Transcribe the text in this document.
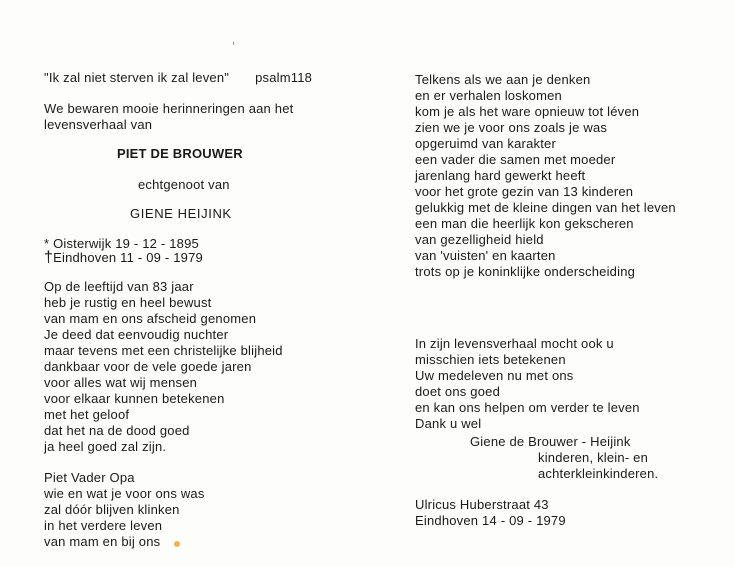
"Ik zal niet sterven ik zal leven" psalm118
We bewaren mooie herinneringen aan het
levensverhaal van
PIET DE BROUWER
echtgenoot van
GIENE HEIJINK
* Oisterwijk 19 - 12 - 1895
†Eindhoven 11 - 09 - 1979
Op de leeftijd van 83 jaar
heb je rustig en heel bewust
van mam en ons afscheid genomen
Je deed dat eenvoudig nuchter
maar tevens met een christelijke blijheid
dankbaar voor de vele goede jaren
voor alles wat wij mensen
voor elkaar kunnen betekenen
met het geloof
dat het na de dood goed
ja heel goed zal zijn.
Piet Vader Opa
wie en wat je voor ons was
zal dóór blijven klinken
in het verdere leven
van mam en bij ons
Telkens als we aan je denken
en er verhalen loskomen
kom je als het ware opnieuw tot léven
zien we je voor ons zoals je was
opgeruimd van karakter
een vader die samen met moeder
jarenlang hard gewerkt heeft
voor het grote gezin van 13 kinderen
gelukkig met de kleine dingen van het leven
een man die heerlijk kon gekscheren
van gezelligheid hield
van 'vuisten' en kaarten
trots op je koninklijke onderscheiding
In zijn levensverhaal mocht ook u
misschien iets betekenen
Uw medeleven nu met ons
doet ons goed
en kan ons helpen om verder te leven
Dank u wel
Giene de Brouwer - Heijink
kinderen, klein- en
achterkleinkinderen.
Ulricus Huberstraat 43
Eindhoven 14 - 09 - 1979
